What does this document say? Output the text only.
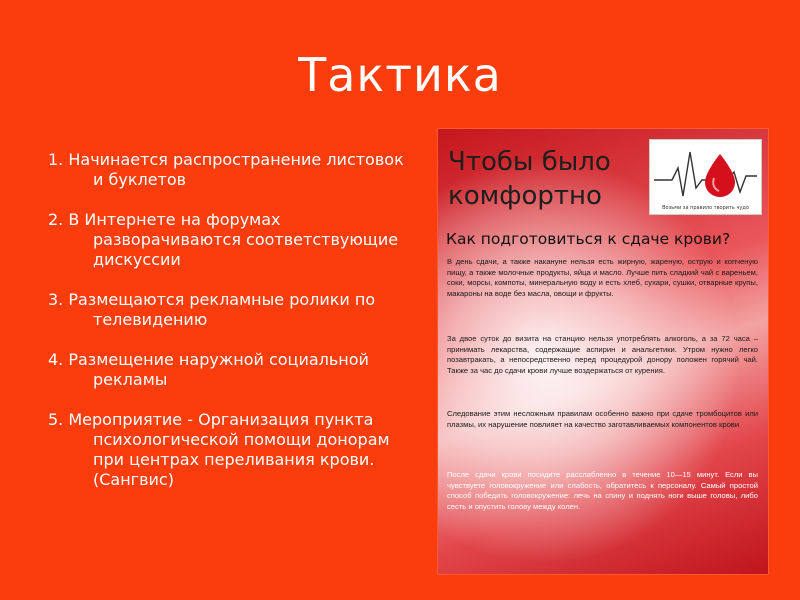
Тактика
1. Начинается распространение листовок и буклетов
2. В Интернете на форумах разворачиваются соответствующие дискуссии
3. Размещаются рекламные ролики по телевидению
4. Размещение наружной социальной рекламы
5. Мероприятие - Организация пункта психологической помощи донорам при центрах переливания крови. (Сангвис)
Чтобы было
комфортно	Возьми за правило творить чудо
Как подготовиться к сдаче крови?
В день сдачи, а также накануне нельзя есть жирную, жареную, острую и копченую пищу, а также молочные продукты, яйца и масло. Лучше пить сладкий чай с вареньем, соки, морсы, компоты, минеральную воду и есть хлеб, сухари, сушки, отварные крупы, макароны на воде без масла, овощи и фрукты.
За двое суток до визита на станцию нельзя употреблять алкоголь, а за 72 часа – принимать лекарства, содержащие аспирин и анальгетики. Утром нужно легко позавтракать, а непосредственно перед процедурой донору положен горячий чай. Также за час до сдачи крови лучше воздержаться от курения.
Следование этим несложным правилам особенно важно при сдаче тромбоцитов или плазмы, их нарушение повлияет на качество заготавливаемых компонентов крови
После сдачи крови посидите расслабленно в течение 10—15 минут. Если вы чувствуете головокружение или слабость, обратитесь к персоналу. Самый простой способ победить головокружение: лечь на спину и поднять ноги выше головы, либо сесть и опустить голову между колен.
